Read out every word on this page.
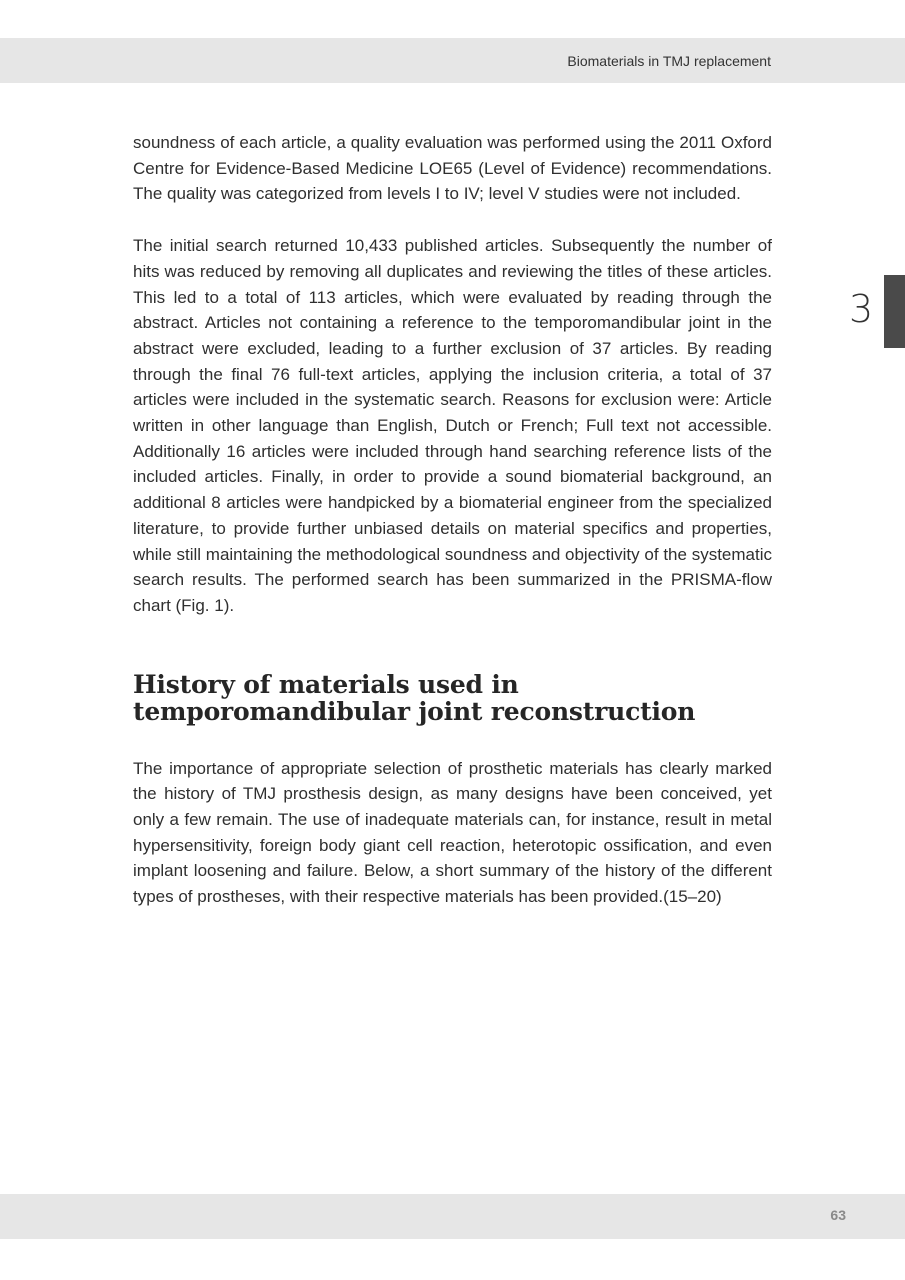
Biomaterials in TMJ replacement
3

soundness of each article, a quality evaluation was performed using the 2011 Oxford Centre for Evidence-Based Medicine LOE65 (Level of Evidence) recommendations. The quality was categorized from levels I to IV; level V studies were not included.

The initial search returned 10,433 published articles. Subsequently the number of hits was reduced by removing all duplicates and reviewing the titles of these articles. This led to a total of 113 articles, which were evaluated by reading through the abstract. Articles not containing a reference to the temporomandibular joint in the abstract were excluded, leading to a further exclusion of 37 articles. By reading through the final 76 full-text articles, applying the inclusion criteria, a total of 37 articles were included in the systematic search. Reasons for exclusion were: Article written in other language than English, Dutch or French; Full text not accessible. Additionally 16 articles were included through hand searching reference lists of the included articles. Finally, in order to provide a sound biomaterial background, an additional 8 articles were handpicked by a biomaterial engineer from the specialized literature, to provide further unbiased details on material specifics and properties, while still maintaining the methodological soundness and objectivity of the systematic search results. The performed search has been summarized in the PRISMA-flow chart (Fig. 1).

History of materials used in temporomandibular joint reconstruction

The importance of appropriate selection of prosthetic materials has clearly marked the history of TMJ prosthesis design, as many designs have been conceived, yet only a few remain. The use of inadequate materials can, for instance, result in metal hypersensitivity, foreign body giant cell reaction, heterotopic ossification, and even implant loosening and failure. Below, a short summary of the history of the different types of prostheses, with their respective materials has been provided.(15–20)

63
